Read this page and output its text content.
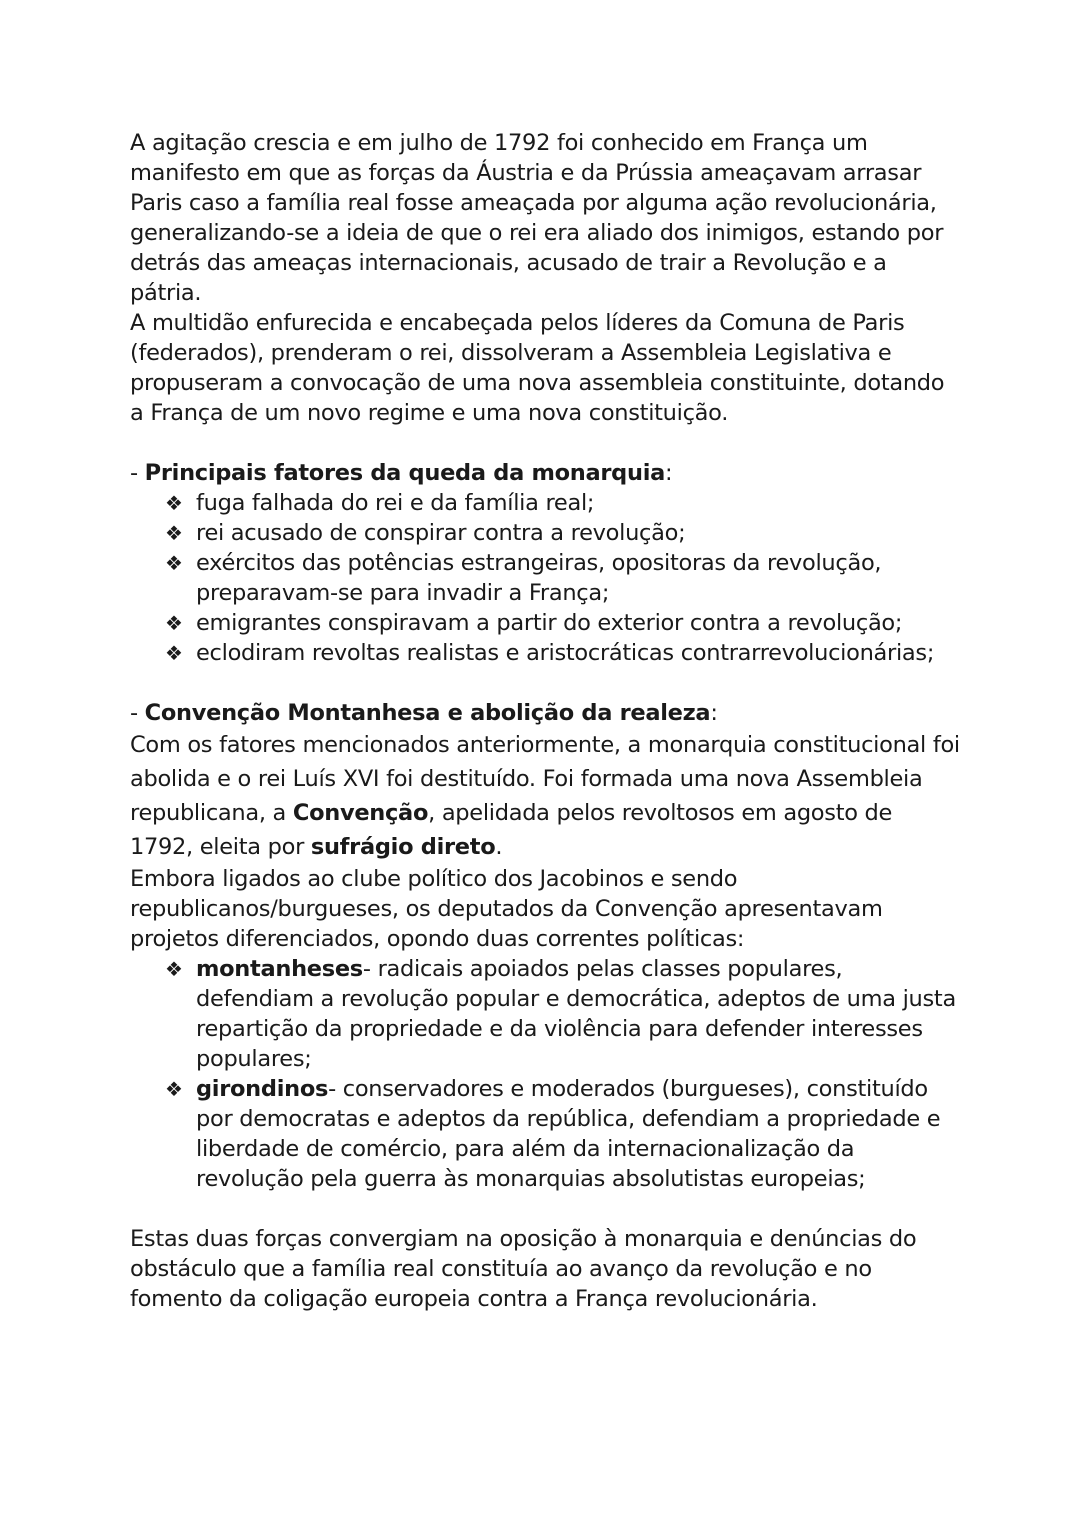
A agitação crescia e em julho de 1792 foi conhecido em França um manifesto em que as forças da Áustria e da Prússia ameaçavam arrasar Paris caso a família real fosse ameaçada por alguma ação revolucionária, generalizando-se a ideia de que o rei era aliado dos inimigos, estando por detrás das ameaças internacionais, acusado de trair a Revolução e a pátria.

A multidão enfurecida e encabeçada pelos líderes da Comuna de Paris (federados), prenderam o rei, dissolveram a Assembleia Legislativa e propuseram a convocação de uma nova assembleia constituinte, dotando a França de um novo regime e uma nova constituição.

- Principais fatores da queda da monarquia:

❖ fuga falhada do rei e da família real;
❖ rei acusado de conspirar contra a revolução;
❖ exércitos das potências estrangeiras, opositoras da revolução, preparavam-se para invadir a França;
❖ emigrantes conspiravam a partir do exterior contra a revolução;
❖ eclodiram revoltas realistas e aristocráticas contrarrevolucionárias;

- Convenção Montanhesa e abolição da realeza:

Com os fatores mencionados anteriormente, a monarquia constitucional foi abolida e o rei Luís XVI foi destituído. Foi formada uma nova Assembleia republicana, a Convenção, apelidada pelos revoltosos em agosto de 1792, eleita por sufrágio direto.

Embora ligados ao clube político dos Jacobinos e sendo republicanos/burgueses, os deputados da Convenção apresentavam projetos diferenciados, opondo duas correntes políticas:

❖ montanheses- radicais apoiados pelas classes populares, defendiam a revolução popular e democrática, adeptos de uma justa repartição da propriedade e da violência para defender interesses populares;
❖ girondinos- conservadores e moderados (burgueses), constituído por democratas e adeptos da república, defendiam a propriedade e liberdade de comércio, para além da internacionalização da revolução pela guerra às monarquias absolutistas europeias;

Estas duas forças convergiam na oposição à monarquia e denúncias do obstáculo que a família real constituía ao avanço da revolução e no fomento da coligação europeia contra a França revolucionária.
